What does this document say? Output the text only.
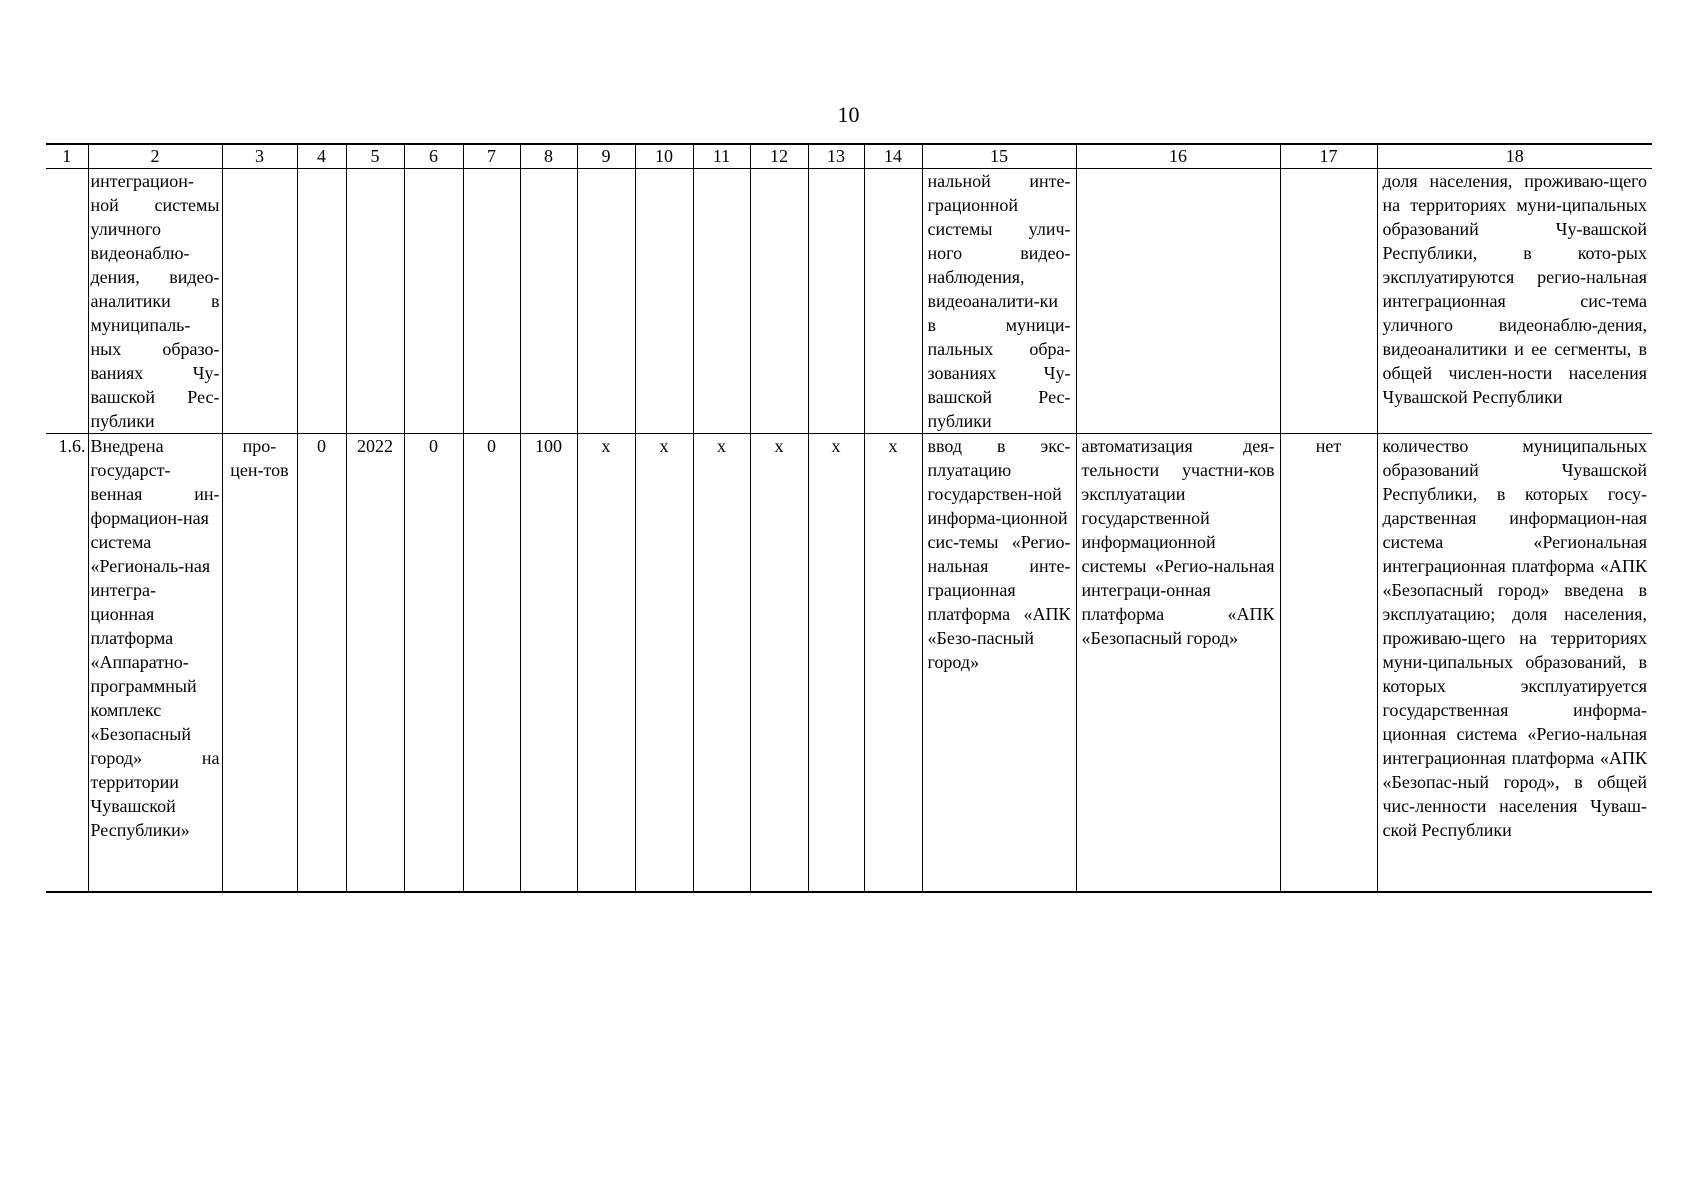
10
1	2	3	4	5	6	7	8	9	10	11	12	13	14	15	16	17	18
	интеграцион-ной системы уличного видеонаблю-дения, видео-аналитики в муниципаль-ных образо-ваниях Чу-вашской Рес-публики													нальной инте-грационной системы улич-ного видео-наблюдения, видеоаналити-ки в муници-пальных обра-зованиях Чу-вашской Рес-публики			доля населения, проживаю-щего на территориях муни-ципальных образований Чу-вашской Республики, в кото-рых эксплуатируются регио-нальная интеграционная сис-тема уличного видеонаблю-дения, видеоаналитики и ее сегменты, в общей числен-ности населения Чувашской Республики
1.6.	Внедрена государст-венная ин-формацион-ная система «Региональ-ная интегра-ционная платформа «Аппаратно-программный комплекс «Безопасный город» на территории Чувашской Республики»	про-цен-тов	0	2022	0	0	100	х	х	х	х	х	х	ввод в экс-плуатацию государствен-ной информа-ционной сис-темы «Регио-нальная инте-грационная платформа «АПК «Безо-пасный город»	автоматизация дея-тельности участни-ков эксплуатации государственной информационной системы «Регио-нальная интеграци-онная платформа «АПК «Безопасный город»	нет	количество муниципальных образований Чувашской Республики, в которых госу-дарственная информацион-ная система «Региональная интеграционная платформа «АПК «Безопасный город» введена в эксплуатацию; доля населения, проживаю-щего на территориях муни-ципальных образований, в которых эксплуатируется государственная информа-ционная система «Регио-нальная интеграционная платформа «АПК «Безопас-ный город», в общей чис-ленности населения Чуваш-ской Республики
